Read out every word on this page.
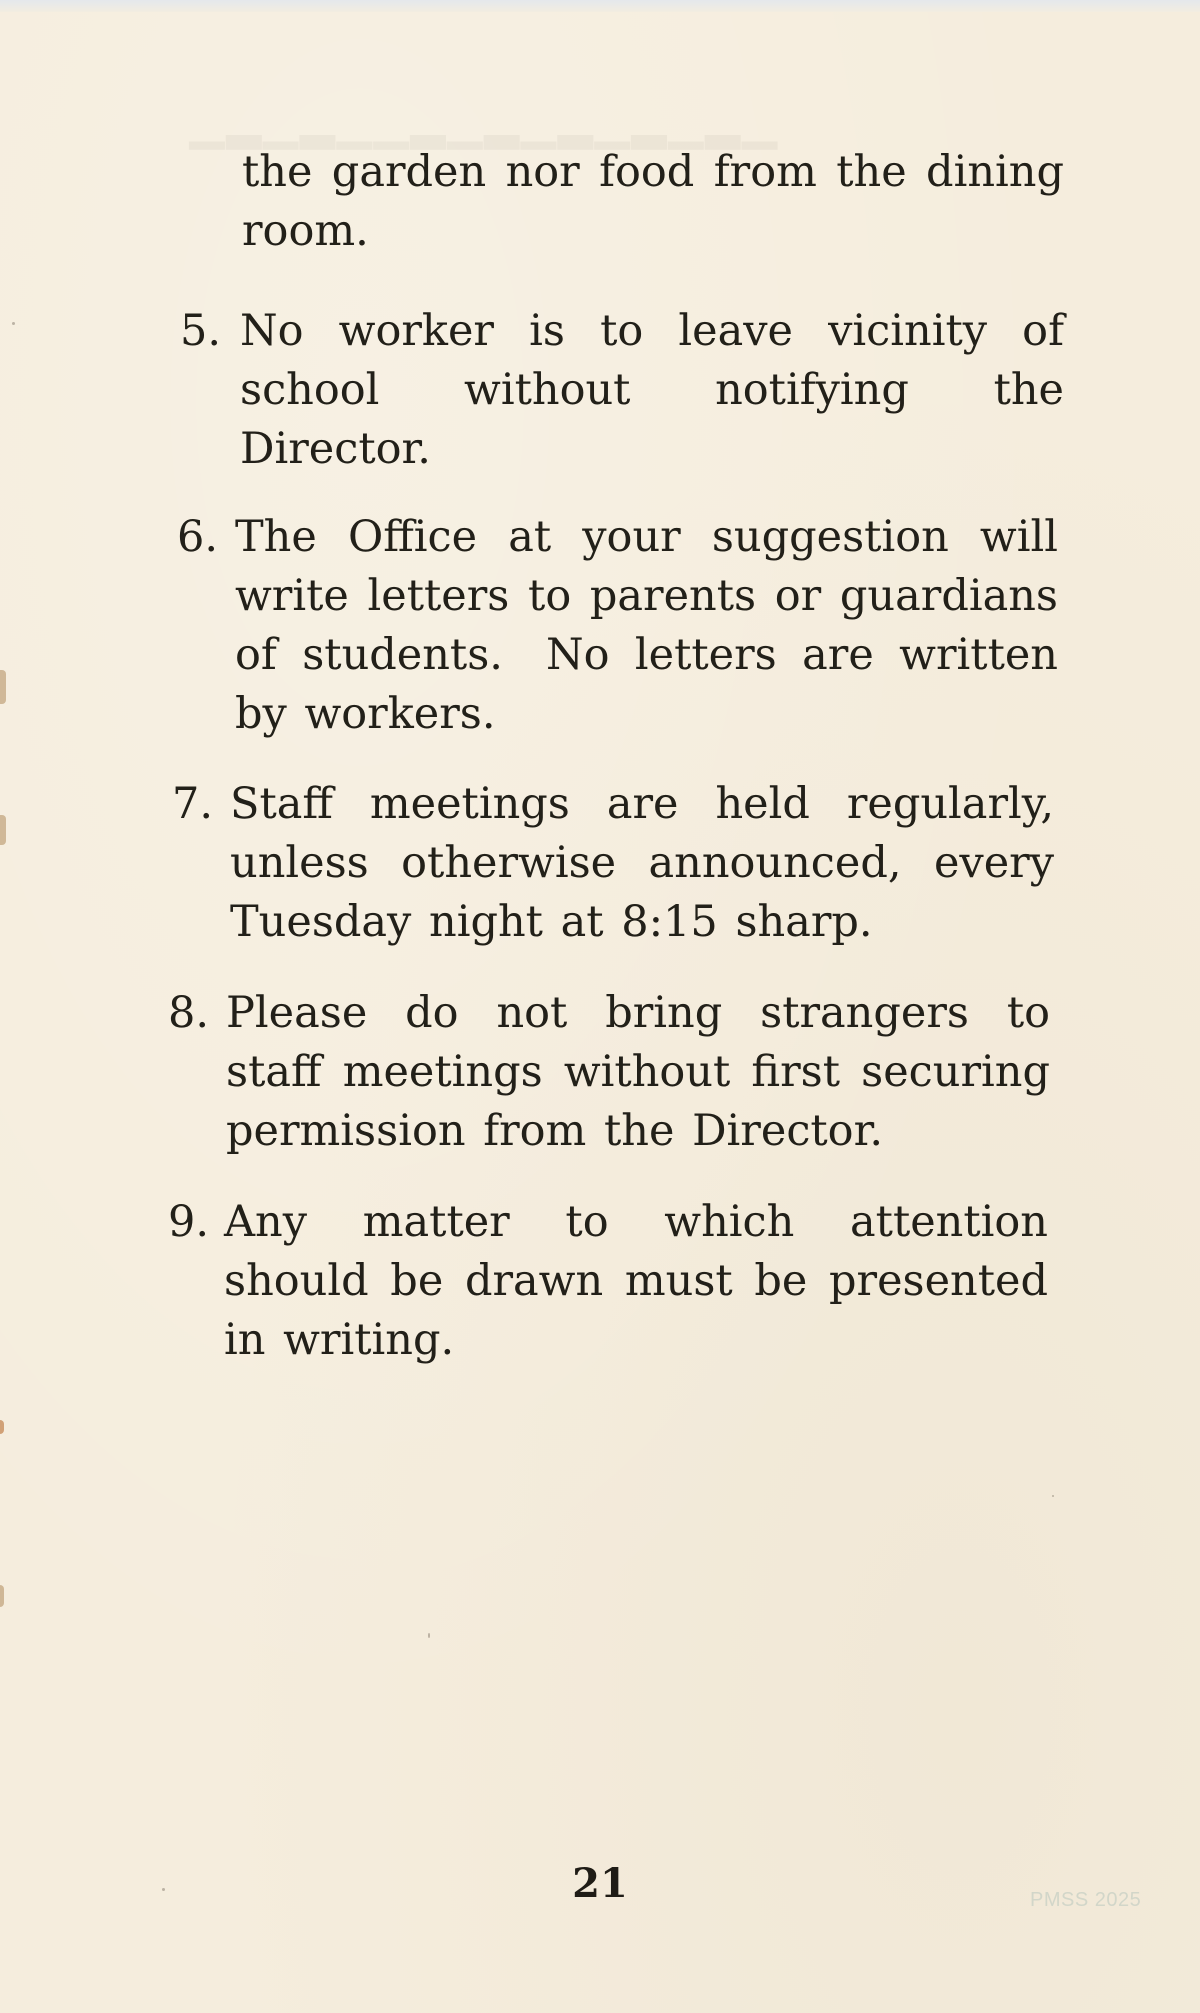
▁▂▁▂▁▁▂▁▂▁▂▁▂▁▂▁

the garden nor food from the dining room.

5. No worker is to leave vicinity of school without notifying the Director.
6. The Office at your suggestion will write letters to parents or guardians of students. No letters are written by workers.
7. Staff meetings are held regularly, unless otherwise announced, every Tuesday night at 8:15 sharp.
8. Please do not bring strangers to staff meetings without first securing permission from the Director.
9. Any matter to which attention should be drawn must be presented in writing.
21	PMSS 2025
